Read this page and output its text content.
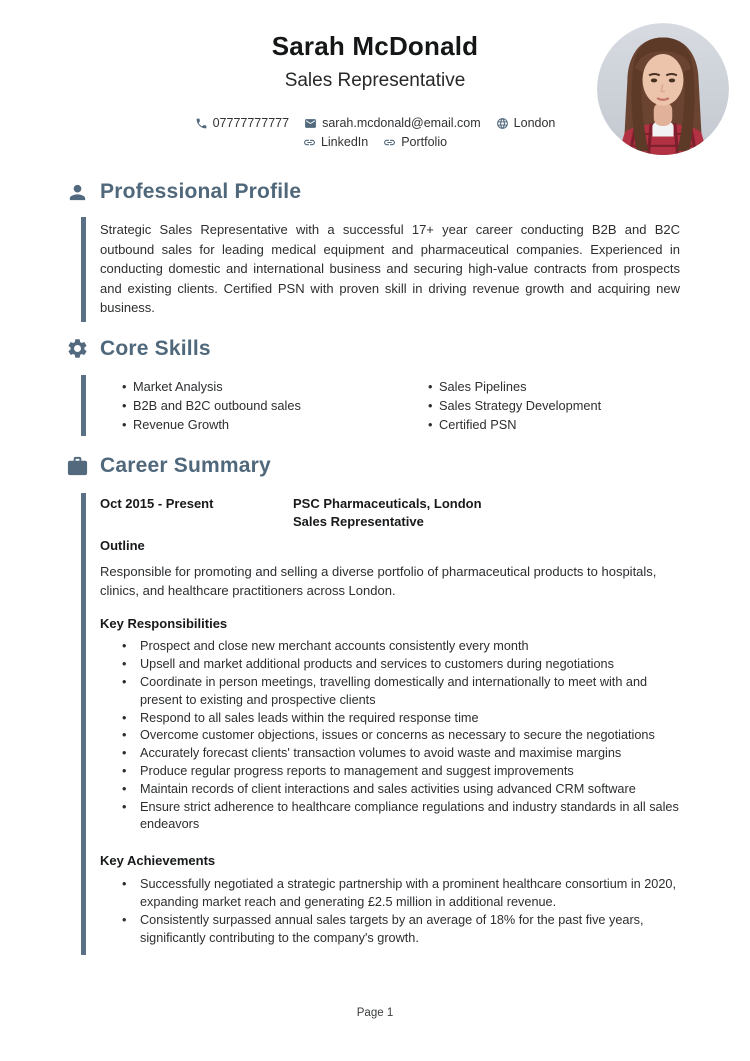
Sarah McDonald
Sales Representative
07777777777	sarah.mcdonald@email.com	London
LinkedIn	Portfolio
Professional Profile

Strategic Sales Representative with a successful 17+ year career conducting B2B and B2C outbound sales for leading medical equipment and pharmaceutical companies. Experienced in conducting domestic and international business and securing high-value contracts from prospects and existing clients. Certified PSN with proven skill in driving revenue growth and acquiring new business.

Core Skills
• Market Analysis
• B2B and B2C outbound sales
• Revenue Growth
• Sales Pipelines
• Sales Strategy Development
• Certified PSN
Career Summary
Oct 2015 - Present	PSC Pharmaceuticals, London
Sales Representative
Outline

Responsible for promoting and selling a diverse portfolio of pharmaceutical products to hospitals, clinics, and healthcare practitioners across London.

Key Responsibilities
• Prospect and close new merchant accounts consistently every month
• Upsell and market additional products and services to customers during negotiations
• Coordinate in person meetings, travelling domestically and internationally to meet with and present to existing and prospective clients
• Respond to all sales leads within the required response time
• Overcome customer objections, issues or concerns as necessary to secure the negotiations
• Accurately forecast clients' transaction volumes to avoid waste and maximise margins
• Produce regular progress reports to management and suggest improvements
• Maintain records of client interactions and sales activities using advanced CRM software
• Ensure strict adherence to healthcare compliance regulations and industry standards in all sales endeavors
Key Achievements
• Successfully negotiated a strategic partnership with a prominent healthcare consortium in 2020, expanding market reach and generating £2.5 million in additional revenue.
• Consistently surpassed annual sales targets by an average of 18% for the past five years, significantly contributing to the company's growth.
Page 1
